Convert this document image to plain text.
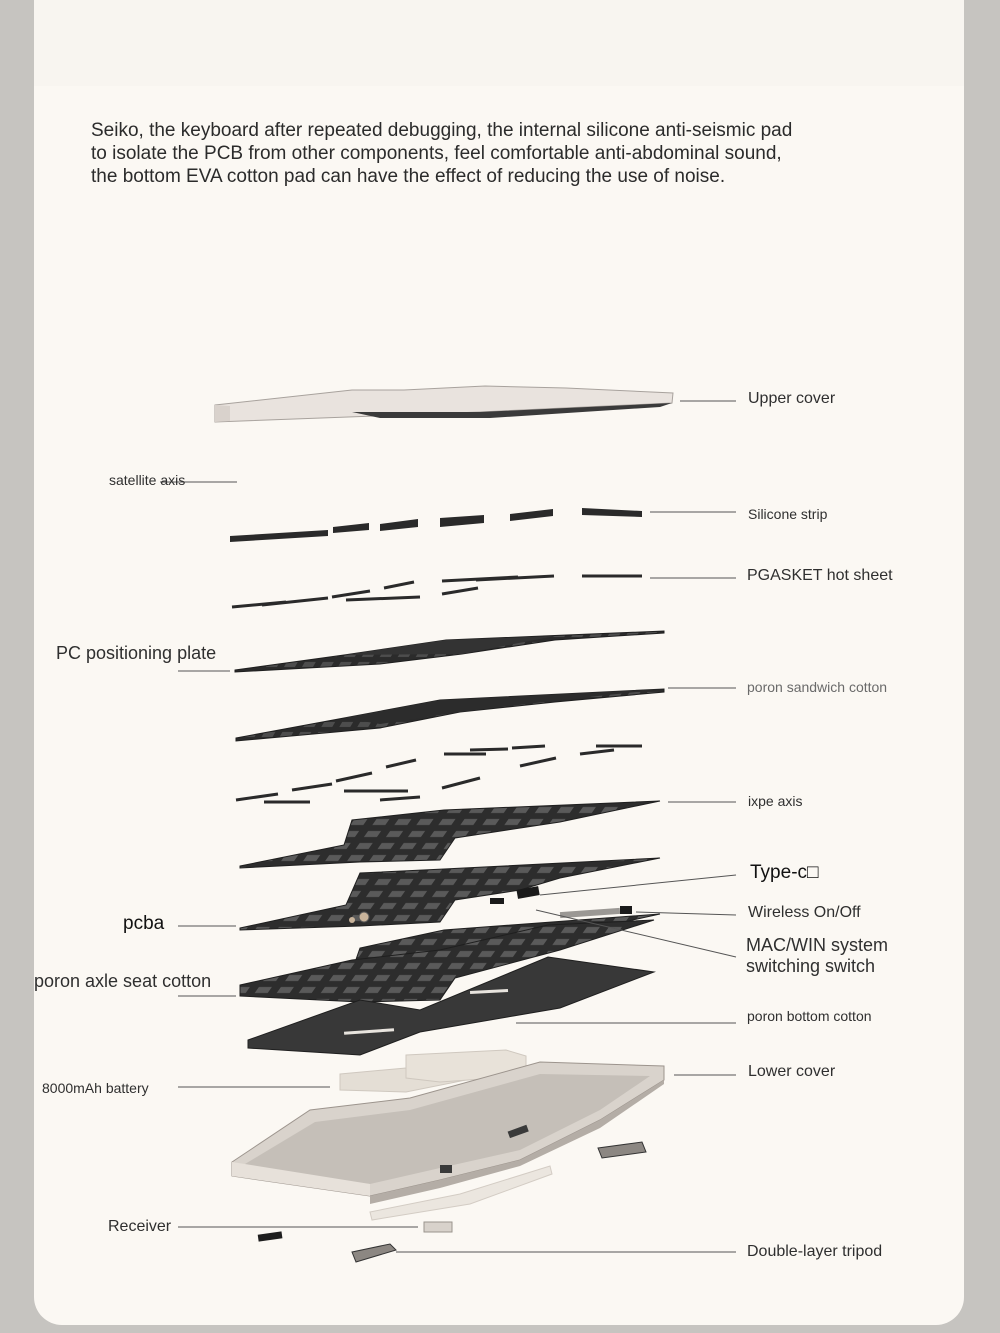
Seiko, the keyboard after repeated debugging, the internal silicone anti-seismic pad
to isolate the PCB from other components, feel comfortable anti-abdominal sound,
the bottom EVA cotton pad can have the effect of reducing the use of noise.

Upper cover
satellite axis
Silicone strip
PGASKET hot sheet
PC positioning plate
poron sandwich cotton
ixpe axis
Type-c□
pcba
Wireless On/Off
MAC/WIN system
switching switch
poron axle seat cotton
poron bottom cotton
8000mAh battery
Lower cover
Receiver
Double-layer tripod
